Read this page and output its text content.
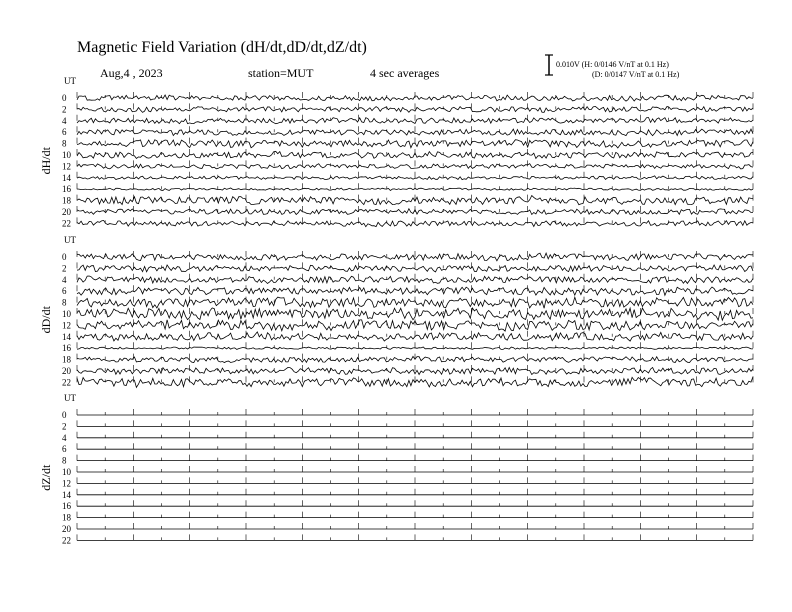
Magnetic Field Variation (dH/dt,dD/dt,dZ/dt)
Aug,4 , 2023	station=MUT	4 sec averages
0.010V (H: 0/0146 V/nT at 0.1 Hz)
(D: 0/0147 V/nT at 0.1 Hz)
UT
dH/dt
0
2
4
6
8
10
12
14
16
18
20
22
UT
dD/dt
0
2
4
6
8
10
12
14
16
18
20
22
UT
dZ/dt
0
2
4
6
8
10
12
14
16
18
20
22
